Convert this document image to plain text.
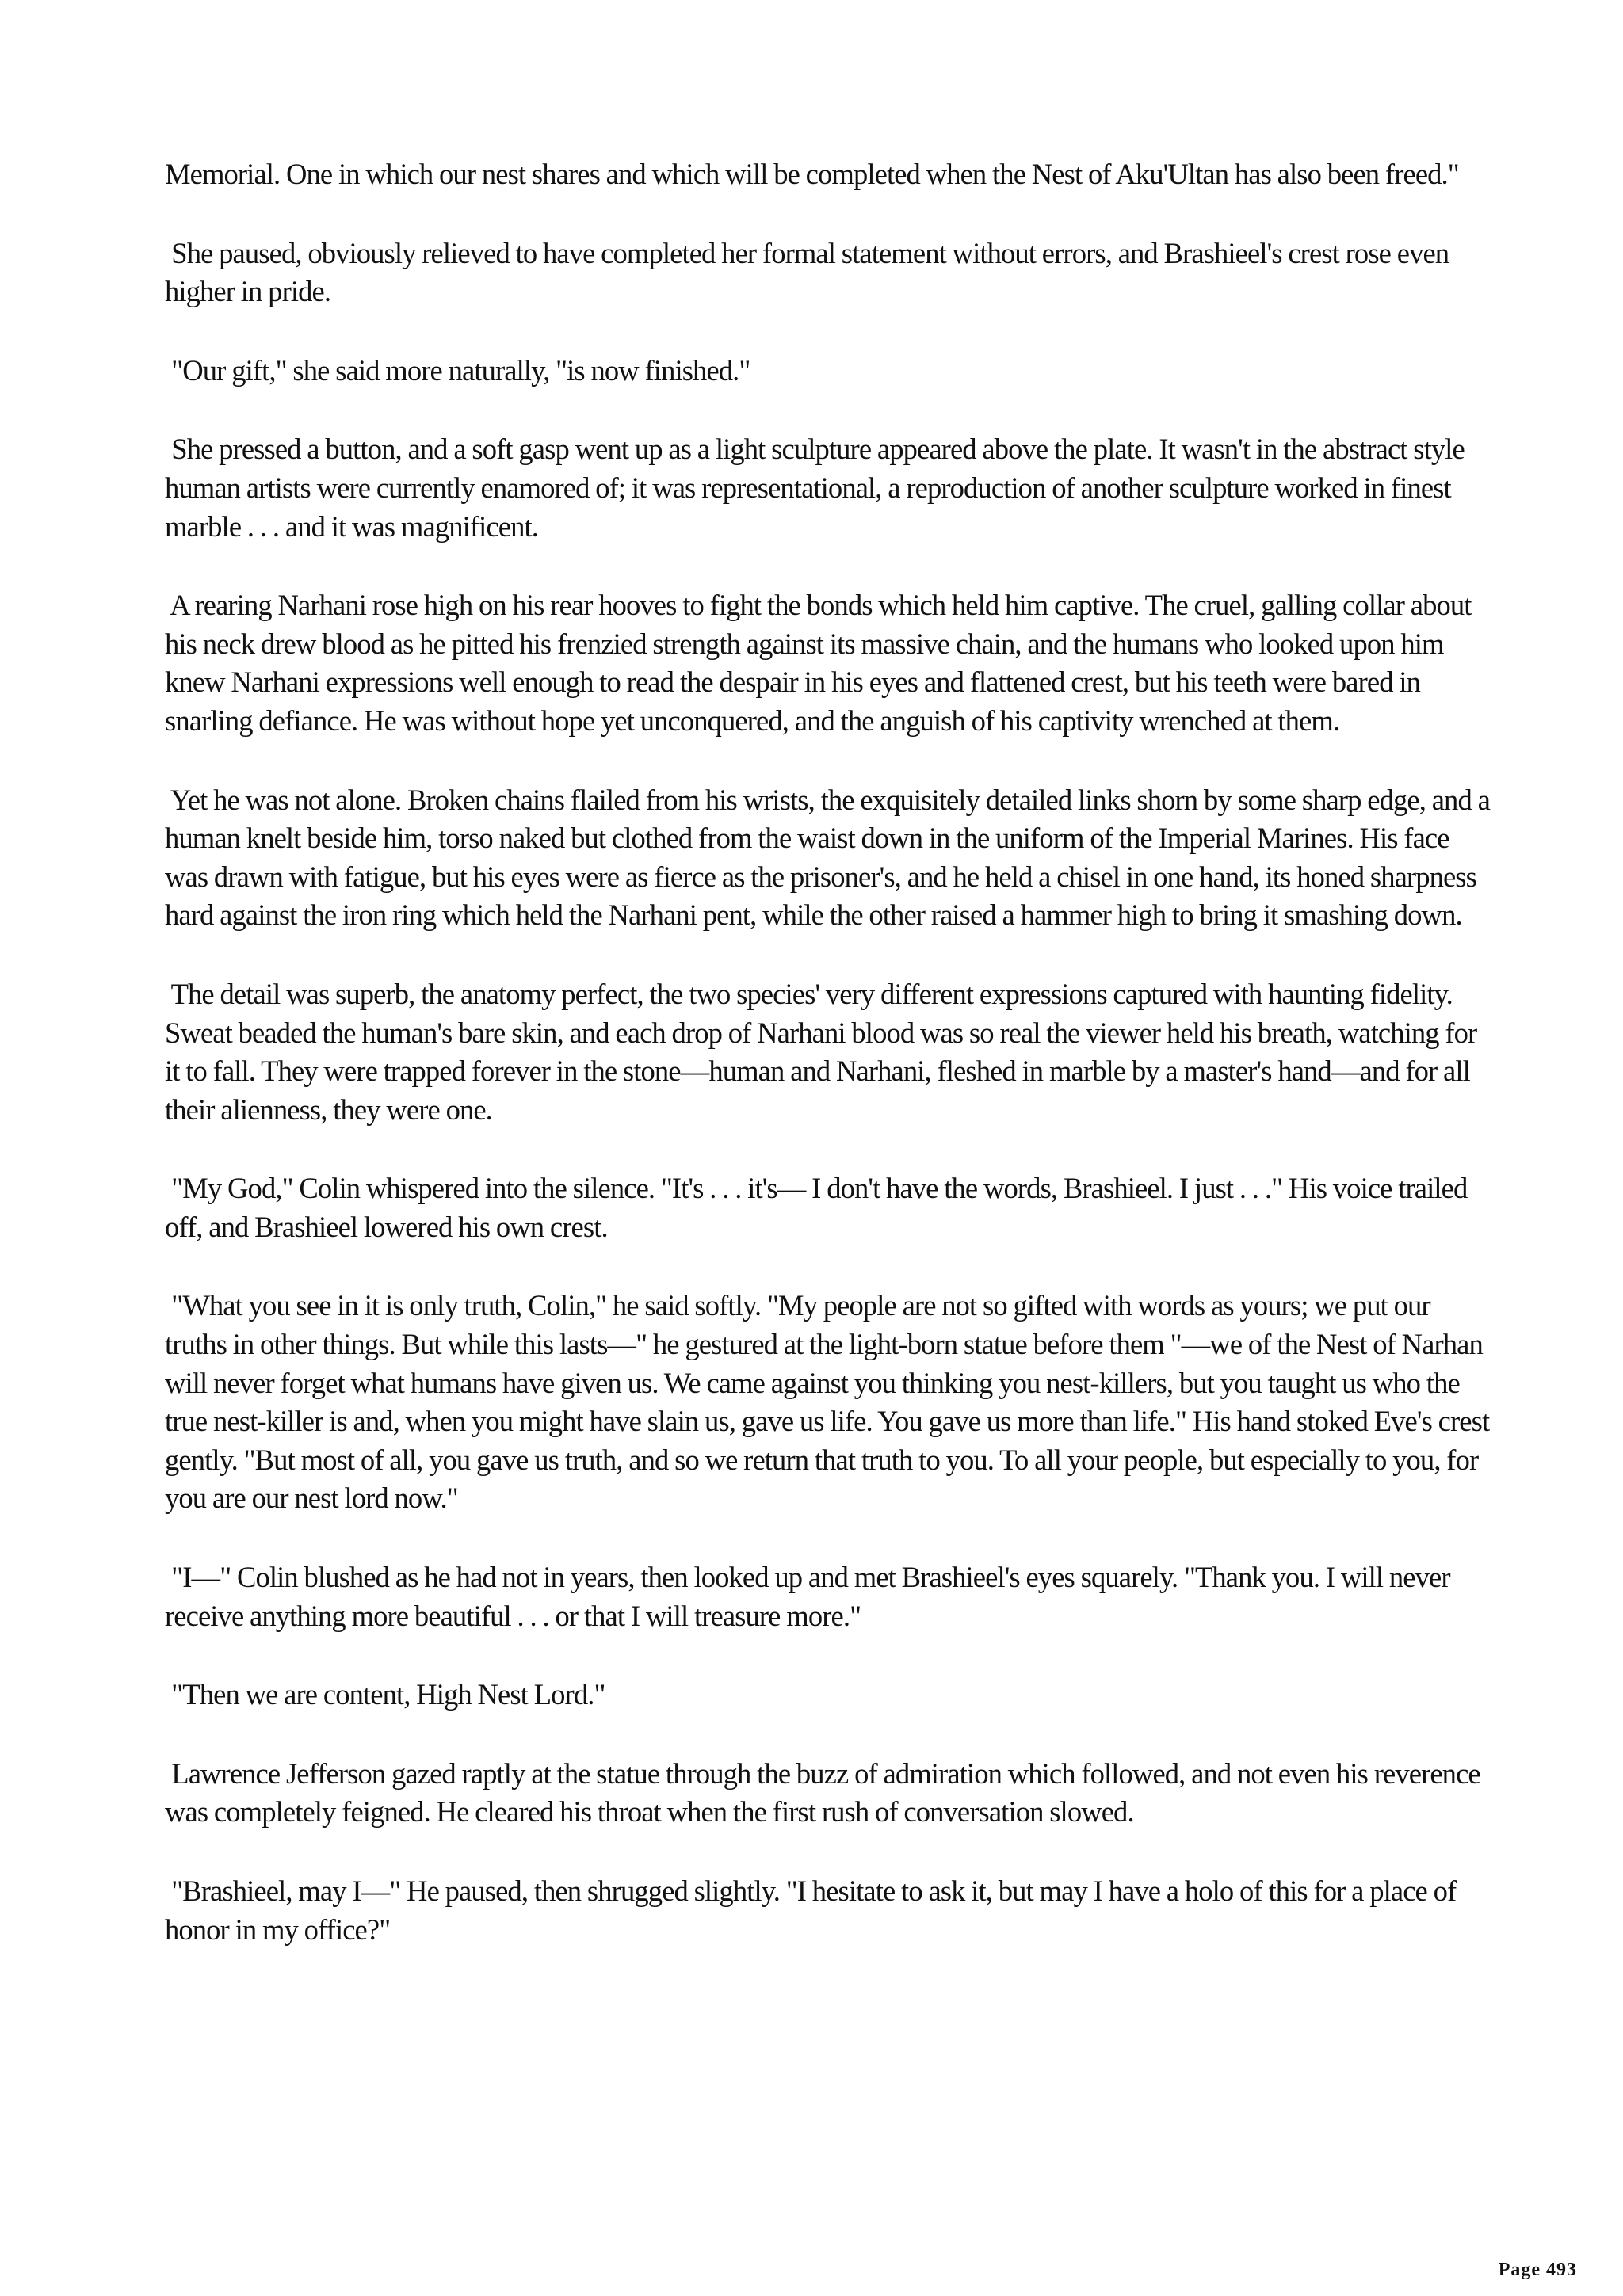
Memorial. One in which our nest shares and which will be completed when the Nest of Aku'Ultan has also been freed."

She paused, obviously relieved to have completed her formal statement without errors, and Brashieel's crest rose even higher in pride.

"Our gift," she said more naturally, "is now finished."

She pressed a button, and a soft gasp went up as a light sculpture appeared above the plate. It wasn't in the abstract style human artists were currently enamored of; it was representational, a reproduction of another sculpture worked in finest marble . . . and it was magnificent.

A rearing Narhani rose high on his rear hooves to fight the bonds which held him captive. The cruel, galling collar about his neck drew blood as he pitted his frenzied strength against its massive chain, and the humans who looked upon him knew Narhani expressions well enough to read the despair in his eyes and flattened crest, but his teeth were bared in snarling defiance. He was without hope yet unconquered, and the anguish of his captivity wrenched at them.

Yet he was not alone. Broken chains flailed from his wrists, the exquisitely detailed links shorn by some sharp edge, and a human knelt beside him, torso naked but clothed from the waist down in the uniform of the Imperial Marines. His face was drawn with fatigue, but his eyes were as fierce as the prisoner's, and he held a chisel in one hand, its honed sharpness hard against the iron ring which held the Narhani pent, while the other raised a hammer high to bring it smashing down.

The detail was superb, the anatomy perfect, the two species' very different expressions captured with haunting fidelity. Sweat beaded the human's bare skin, and each drop of Narhani blood was so real the viewer held his breath, watching for it to fall. They were trapped forever in the stone—human and Narhani, fleshed in marble by a master's hand—and for all their alienness, they were one.

"My God," Colin whispered into the silence. "It's . . . it's— I don't have the words, Brashieel. I just . . ." His voice trailed off, and Brashieel lowered his own crest.

"What you see in it is only truth, Colin," he said softly. "My people are not so gifted with words as yours; we put our truths in other things. But while this lasts—" he gestured at the light-born statue before them "—we of the Nest of Narhan will never forget what humans have given us. We came against you thinking you nest-killers, but you taught us who the true nest-killer is and, when you might have slain us, gave us life. You gave us more than life." His hand stoked Eve's crest gently. "But most of all, you gave us truth, and so we return that truth to you. To all your people, but especially to you, for you are our nest lord now."

"I—" Colin blushed as he had not in years, then looked up and met Brashieel's eyes squarely. "Thank you. I will never receive anything more beautiful . . . or that I will treasure more."

"Then we are content, High Nest Lord."

Lawrence Jefferson gazed raptly at the statue through the buzz of admiration which followed, and not even his reverence was completely feigned. He cleared his throat when the first rush of conversation slowed.

"Brashieel, may I—" He paused, then shrugged slightly. "I hesitate to ask it, but may I have a holo of this for a place of honor in my office?"

Page 493
